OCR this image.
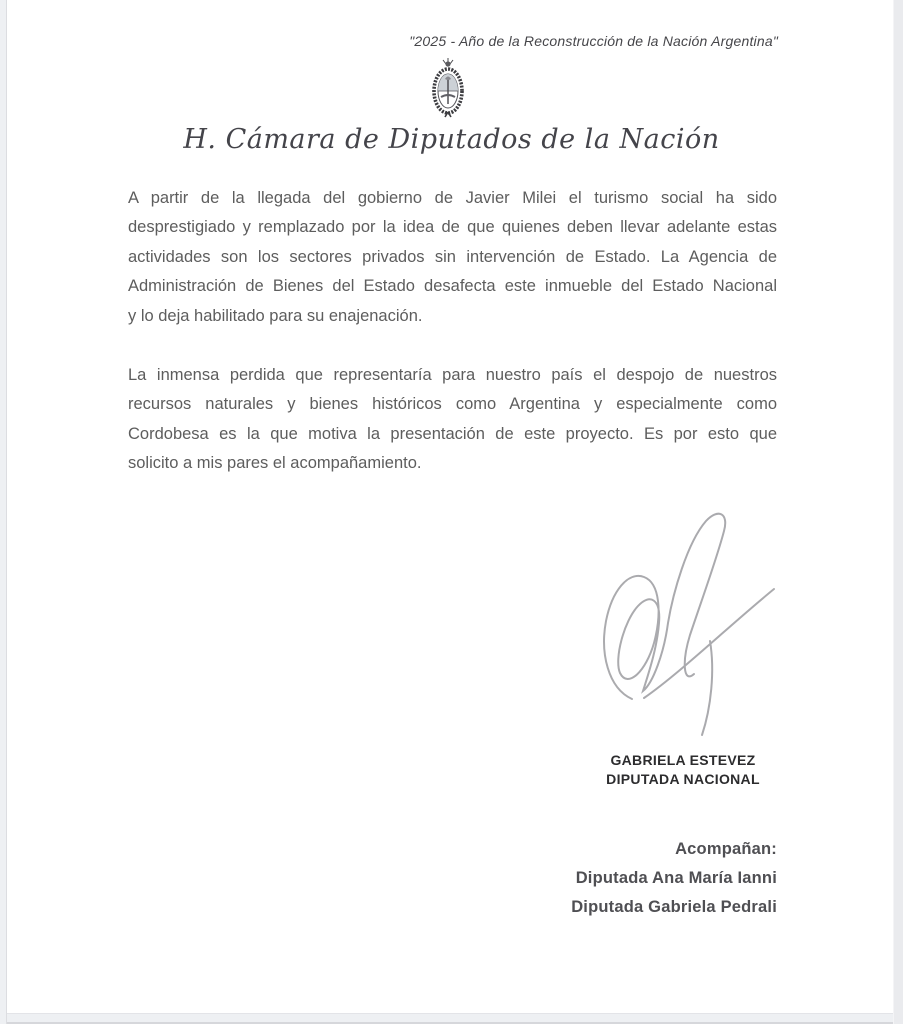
"2025 - Año de la Reconstrucción de la Nación Argentina"
H. Cámara de Diputados de la Nación
A partir de la llegada del gobierno de Javier Milei el turismo social ha sido
desprestigiado y remplazado por la idea de que quienes deben llevar adelante estas
actividades son los sectores privados sin intervención de Estado. La Agencia de
Administración de Bienes del Estado desafecta este inmueble del Estado Nacional
y lo deja habilitado para su enajenación.
La inmensa perdida que representaría para nuestro país el despojo de nuestros
recursos naturales y bienes históricos como Argentina y especialmente como
Cordobesa es la que motiva la presentación de este proyecto. Es por esto que
solicito a mis pares el acompañamiento.
GABRIELA ESTEVEZ
DIPUTADA NACIONAL
Acompañan:
Diputada Ana María Ianni
Diputada Gabriela Pedrali
